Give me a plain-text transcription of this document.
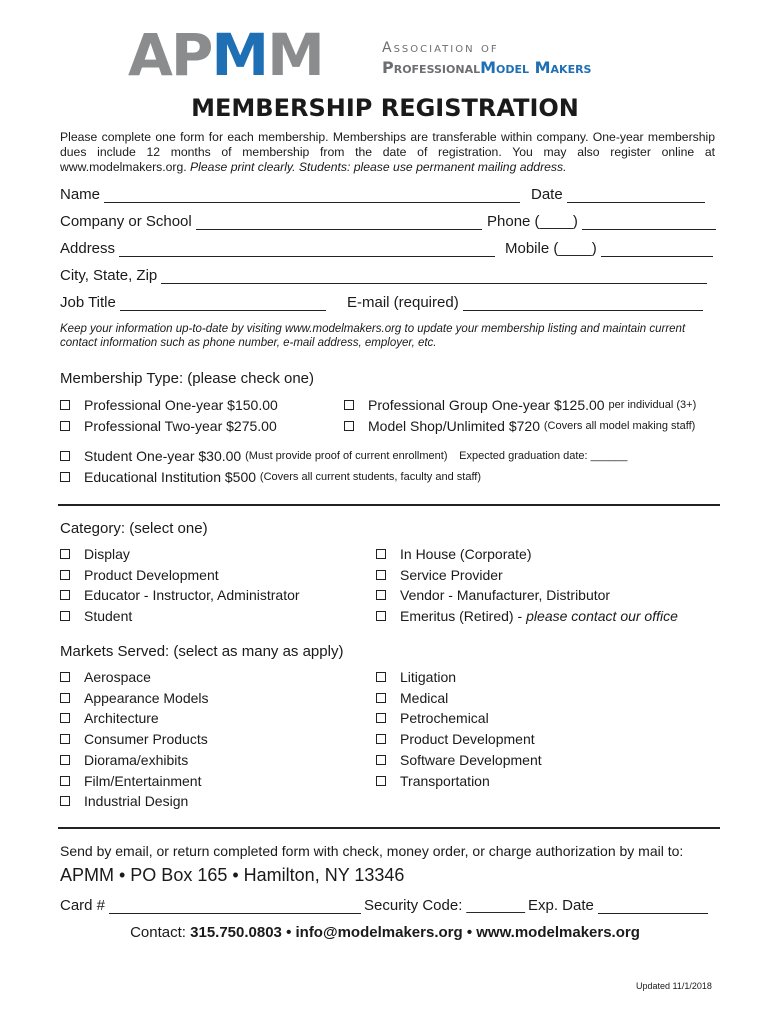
APMM	Association of
ProfessionalModel Makers
MEMBERSHIP REGISTRATION
Please complete one form for each membership. Memberships are transferable within company. One-year membership dues include 12 months of membership from the date of registration. You may also register online at www.modelmakers.org. Please print clearly. Students: please use permanent mailing address.
Name	Date
Company or School	Phone (____)
Address	Mobile (____)
City, State, Zip
Job Title	E-mail (required)
Keep your information up-to-date by visiting www.modelmakers.org to update your membership listing and maintain current contact information such as phone number, e-mail address, employer, etc.
Membership Type: (please check one)
Professional One-year $150.00
Professional Two-year $275.00
Professional Group One-year $125.00
per individual (3+)
Model Shop/Unlimited $720
(Covers all model making staff)
Student One-year $30.00
(Must provide proof of current enrollment)
Expected graduation date: ______
Educational Institution $500
(Covers all current students, faculty and staff)
Category: (select one)
Display
Product Development
Educator - Instructor, Administrator
Student
In House (Corporate)
Service Provider
Vendor - Manufacturer, Distributor
Emeritus (Retired) - please contact our office
Markets Served: (select as many as apply)
Aerospace
Appearance Models
Architecture
Consumer Products
Diorama/exhibits
Film/Entertainment
Industrial Design
Litigation
Medical
Petrochemical
Product Development
Software Development
Transportation
Send by email, or return completed form with check, money order, or charge authorization by mail to:
APMM • PO Box 165 • Hamilton, NY 13346
Card #	Security Code: _______ Exp. Date
Contact: 315.750.0803 • info@modelmakers.org • www.modelmakers.org
Updated 11/1/2018
